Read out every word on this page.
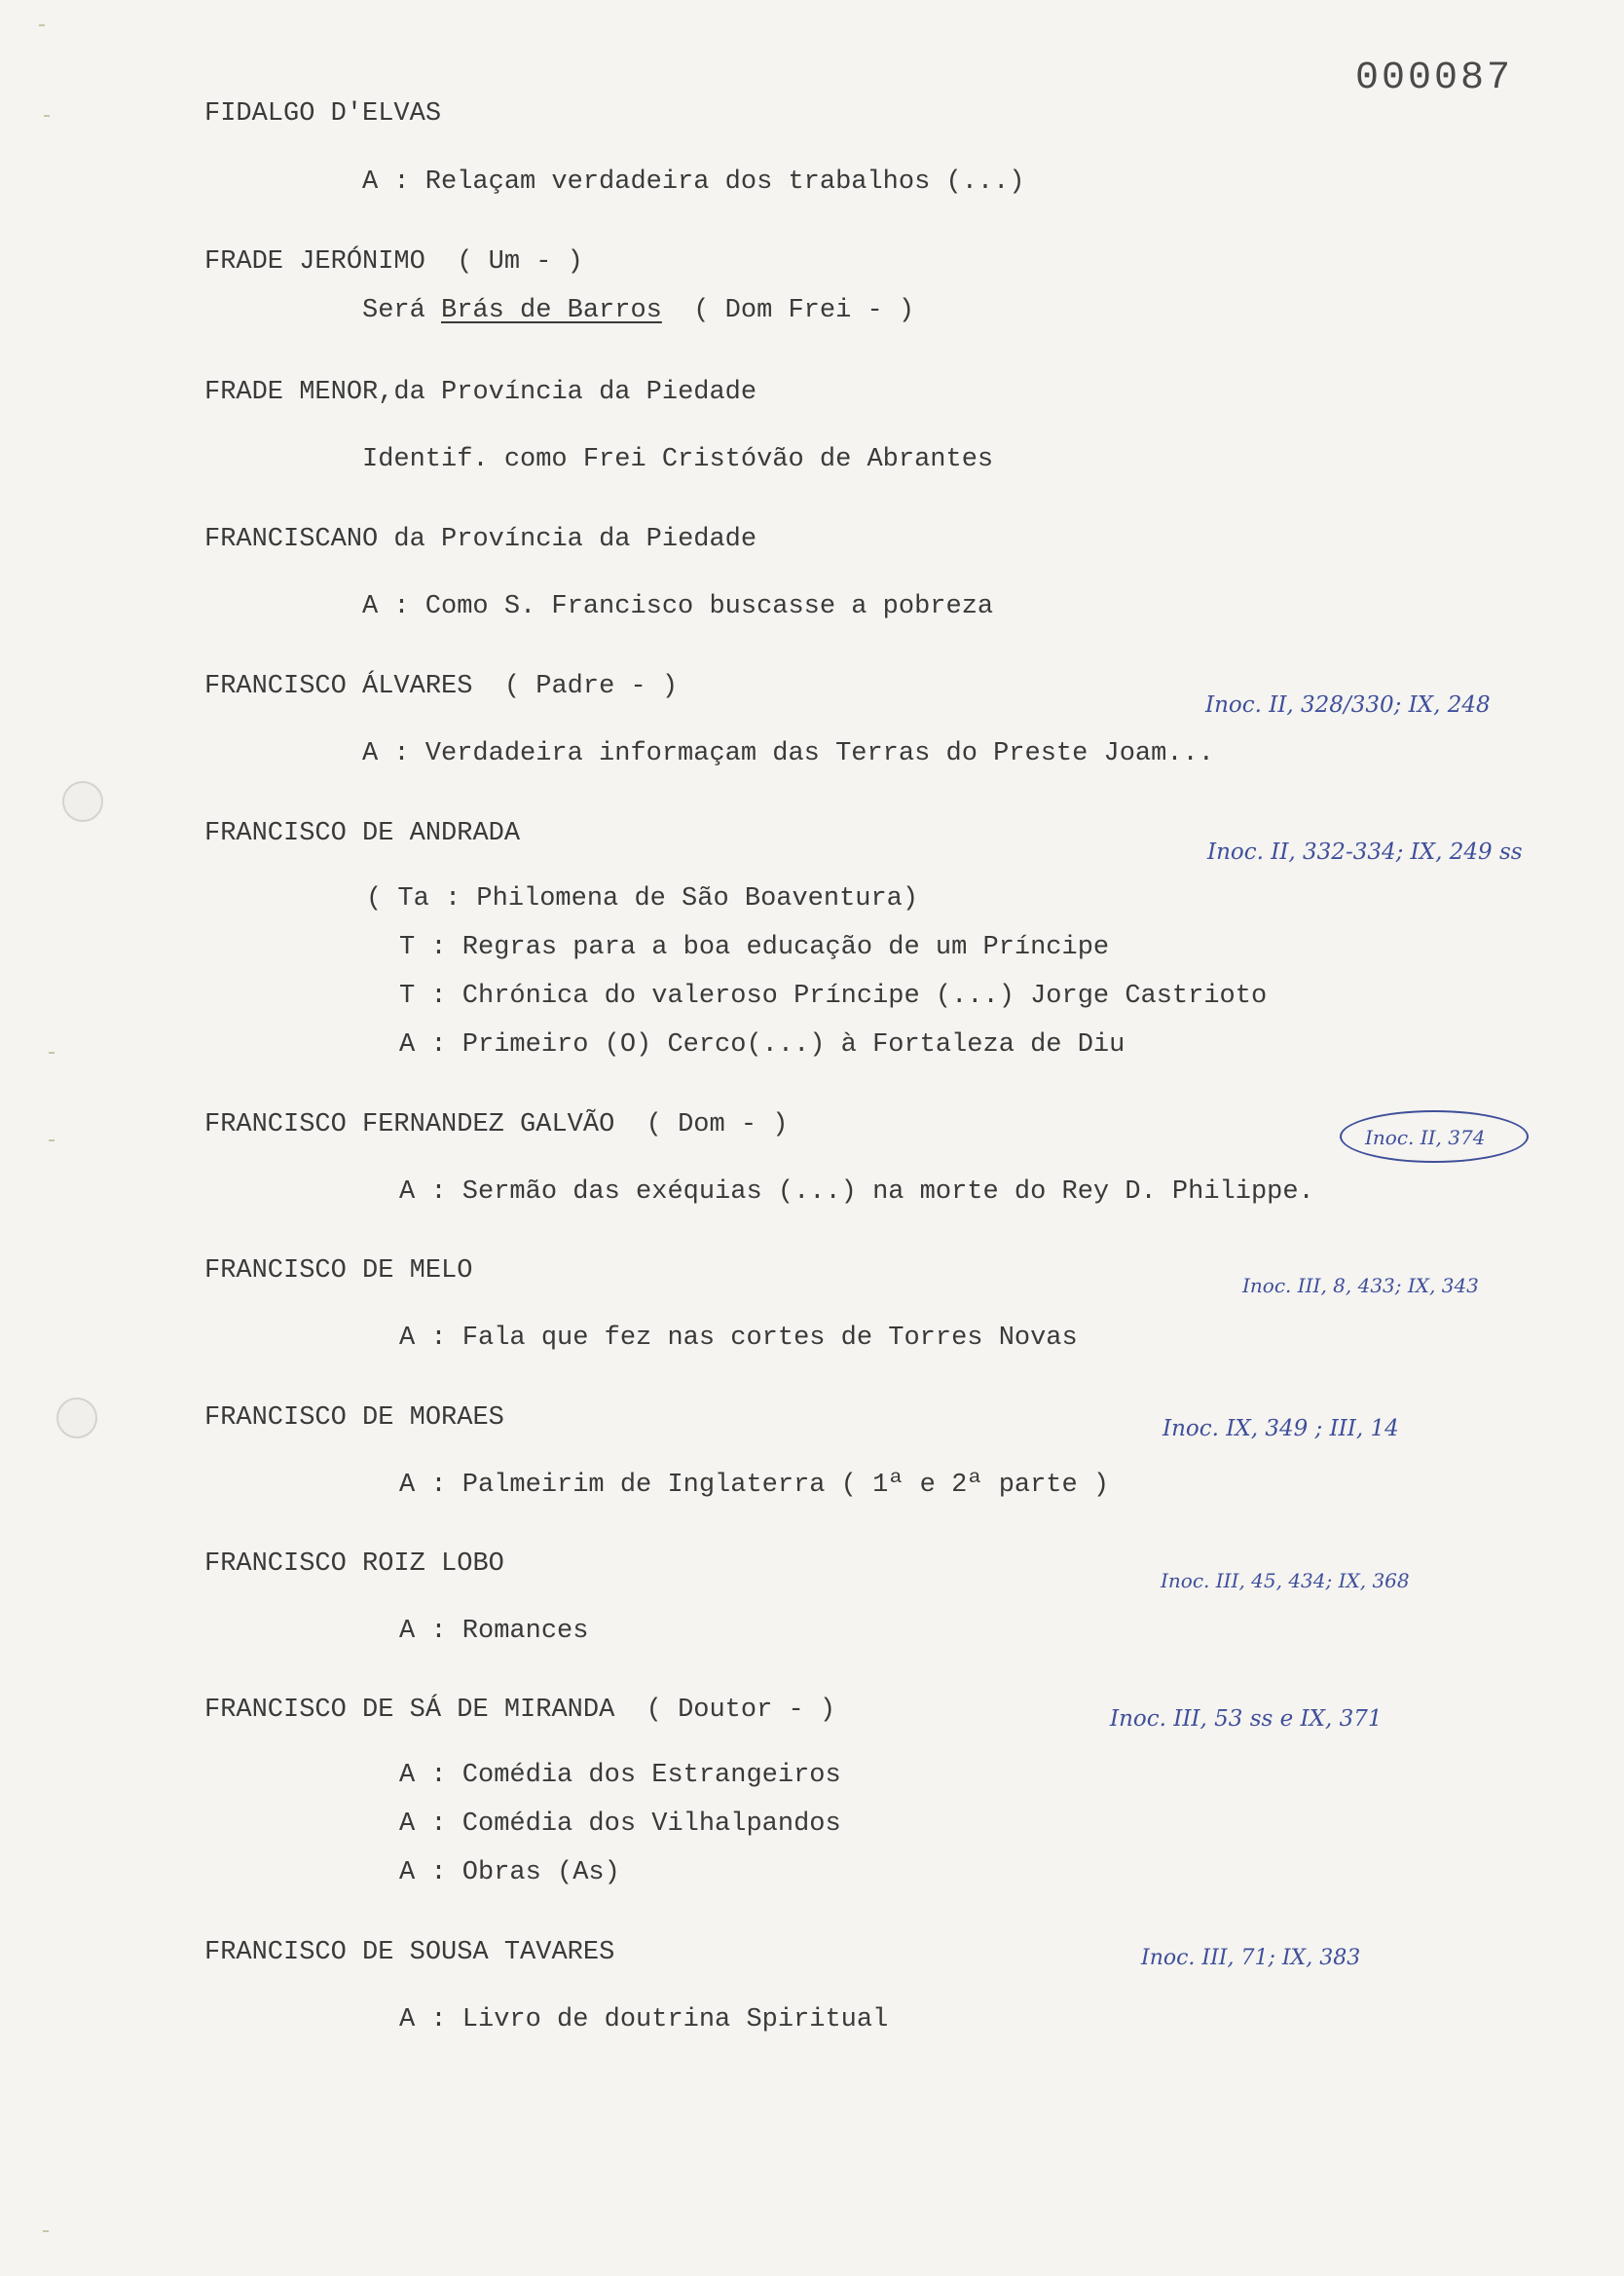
000087
FIDALGO D'ELVAS
A : Relaçam verdadeira dos trabalhos (...)
FRADE JERÓNIMO  ( Um - )
Será Brás de Barros  ( Dom Frei - )
FRADE MENOR,da Província da Piedade
Identif. como Frei Cristóvão de Abrantes
FRANCISCANO da Província da Piedade
A : Como S. Francisco buscasse a pobreza
FRANCISCO ÁLVARES  ( Padre - )
Inoc. II, 328/330; IX, 248
A : Verdadeira informaçam das Terras do Preste Joam...
FRANCISCO DE ANDRADA
Inoc. II, 332-334; IX, 249 ss
( Ta : Philomena de São Boaventura)
T : Regras para a boa educação de um Príncipe
T : Chrónica do valeroso Príncipe (...) Jorge Castrioto
A : Primeiro (O) Cerco(...) à Fortaleza de Diu
FRANCISCO FERNANDEZ GALVÃO  ( Dom - )	Inoc. II, 374
A : Sermão das exéquias (...) na morte do Rey D. Philippe.
FRANCISCO DE MELO	Inoc. III, 8, 433; IX, 343
A : Fala que fez nas cortes de Torres Novas
FRANCISCO DE MORAES	Inoc. IX, 349 ; III, 14
A : Palmeirim de Inglaterra ( 1ª e 2ª parte )
FRANCISCO ROIZ LOBO
Inoc. III, 45, 434; IX, 368
A : Romances
FRANCISCO DE SÁ DE MIRANDA  ( Doutor - )	Inoc. III, 53 ss e IX, 371
A : Comédia dos Estrangeiros
A : Comédia dos Vilhalpandos
A : Obras (As)
FRANCISCO DE SOUSA TAVARES	Inoc. III, 71; IX, 383
A : Livro de doutrina Spiritual
